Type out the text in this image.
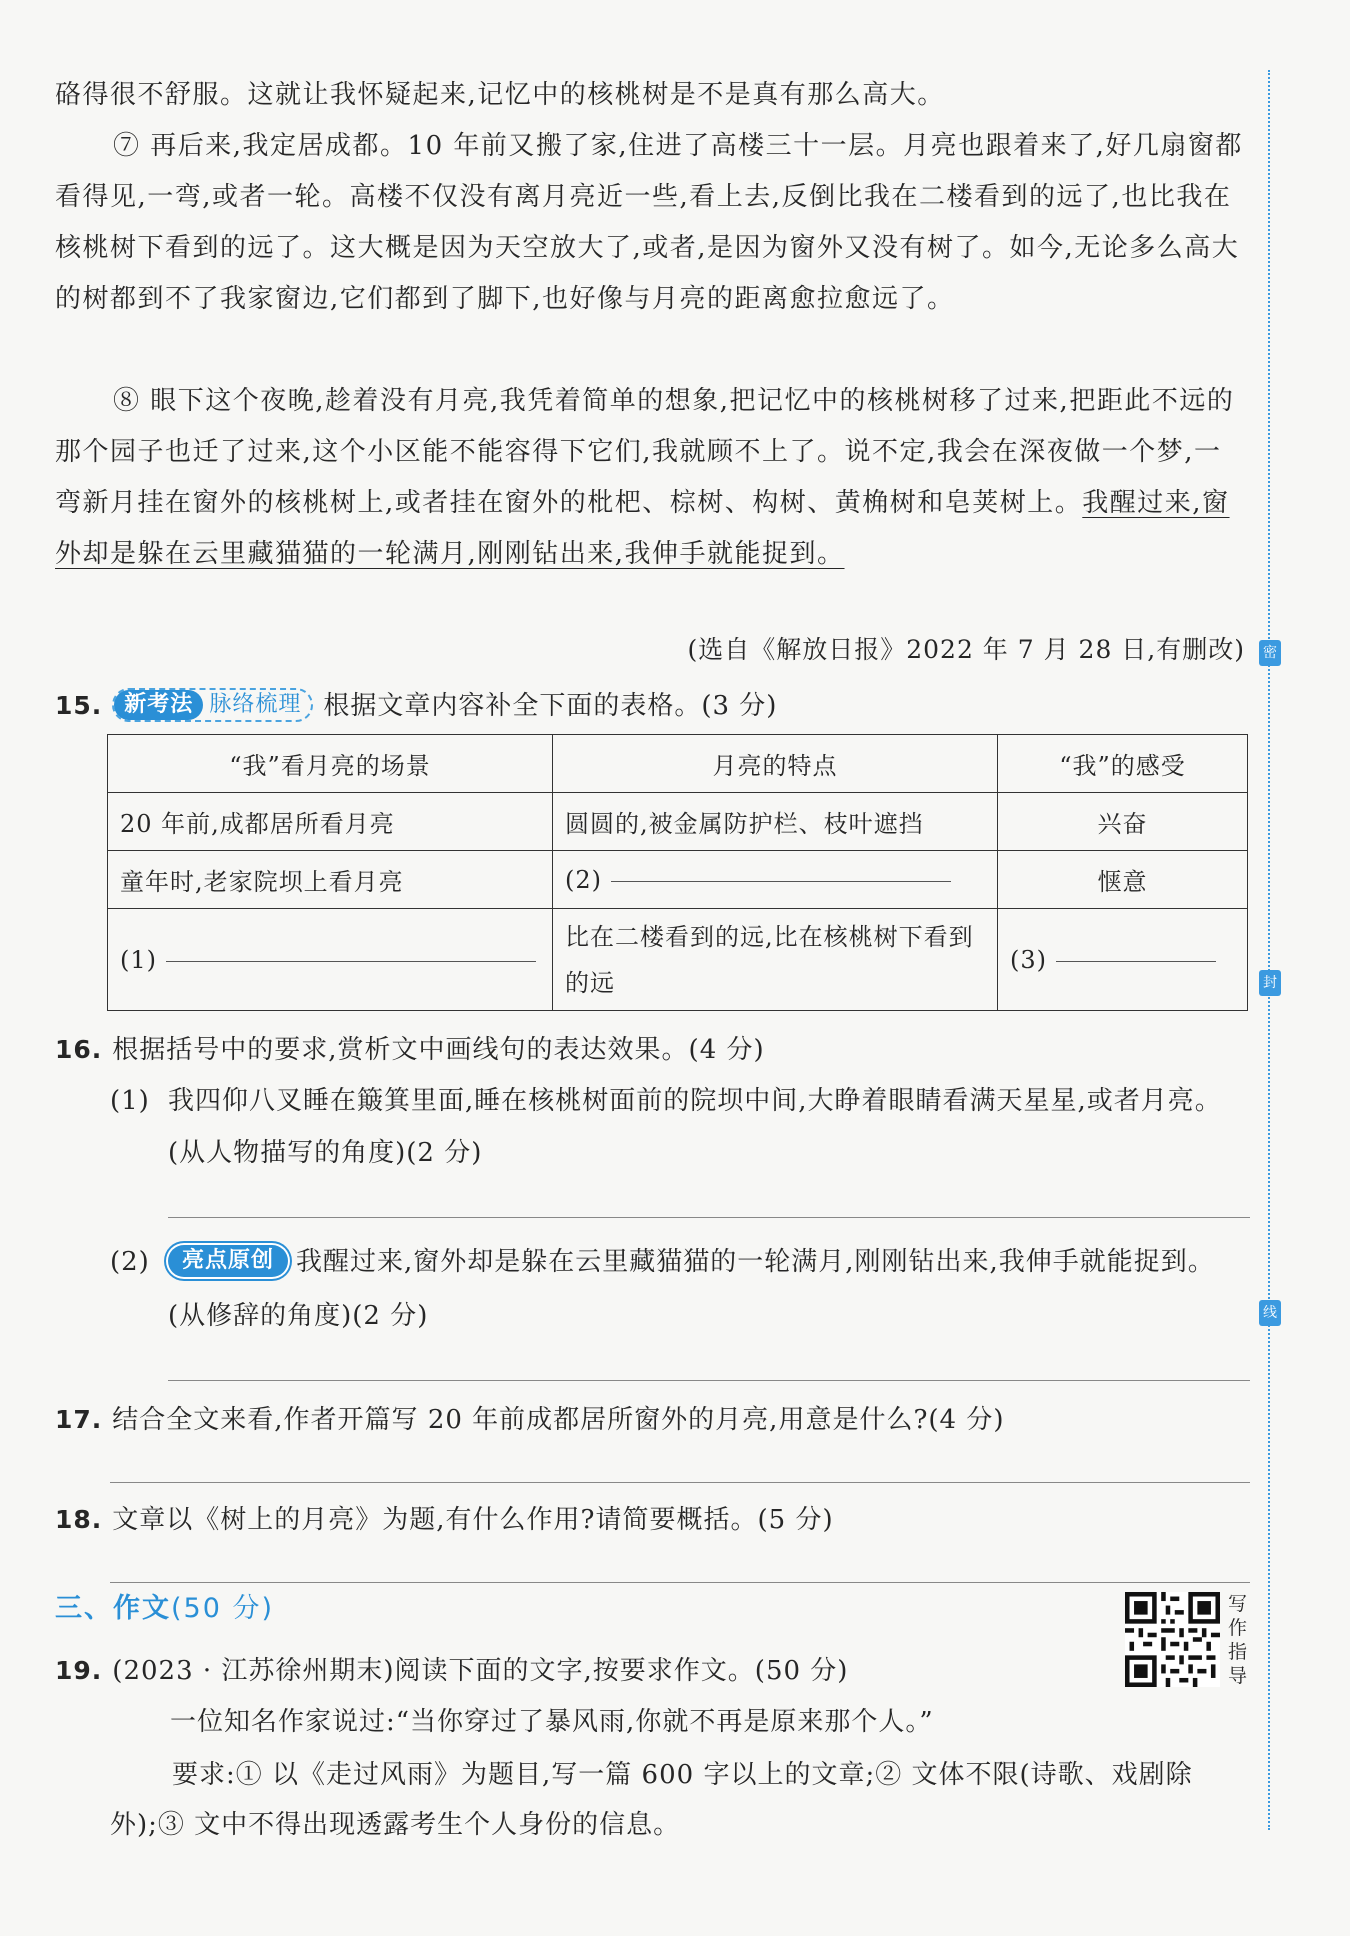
密
封
线
硌得很不舒服。这就让我怀疑起来,记忆中的核桃树是不是真有那么高大。
⑦ 再后来,我定居成都。10 年前又搬了家,住进了高楼三十一层。月亮也跟着来了,好几扇窗都看得见,一弯,或者一轮。高楼不仅没有离月亮近一些,看上去,反倒比我在二楼看到的远了,也比我在核桃树下看到的远了。这大概是因为天空放大了,或者,是因为窗外又没有树了。如今,无论多么高大的树都到不了我家窗边,它们都到了脚下,也好像与月亮的距离愈拉愈远了。
⑧ 眼下这个夜晚,趁着没有月亮,我凭着简单的想象,把记忆中的核桃树移了过来,把距此不远的那个园子也迁了过来,这个小区能不能容得下它们,我就顾不上了。说不定,我会在深夜做一个梦,一弯新月挂在窗外的核桃树上,或者挂在窗外的枇杷、棕树、构树、黄桷树和皂荚树上。我醒过来,窗外却是躲在云里藏猫猫的一轮满月,刚刚钻出来,我伸手就能捉到。
(选自《解放日报》2022 年 7 月 28 日,有删改)
15. 新考法 脉络梳理 根据文章内容补全下面的表格。(3 分)
“我”看月亮的场景	月亮的特点	“我”的感受
20 年前,成都居所看月亮	圆圆的,被金属防护栏、枝叶遮挡	兴奋
童年时,老家院坝上看月亮	(2)	惬意
(1)	比在二楼看到的远,比在核桃树下看到的远	(3)
16. 根据括号中的要求,赏析文中画线句的表达效果。(4 分)
(1) 我四仰八叉睡在簸箕里面,睡在核桃树面前的院坝中间,大睁着眼睛看满天星星,或者月亮。(从人物描写的角度)(2 分)
(2)	亮点原创 我醒过来,窗外却是躲在云里藏猫猫的一轮满月,刚刚钻出来,我伸手就能捉到。(从修辞的角度)(2 分)
17. 结合全文来看,作者开篇写 20 年前成都居所窗外的月亮,用意是什么?(4 分)
18. 文章以《树上的月亮》为题,有什么作用?请简要概括。(5 分)
三、作文(50 分)	写作指导
19. (2023 · 江苏徐州期末)阅读下面的文字,按要求作文。(50 分)
一位知名作家说过:“当你穿过了暴风雨,你就不再是原来那个人。”
要求:① 以《走过风雨》为题目,写一篇 600 字以上的文章;② 文体不限(诗歌、戏剧除外);③ 文中不得出现透露考生个人身份的信息。
